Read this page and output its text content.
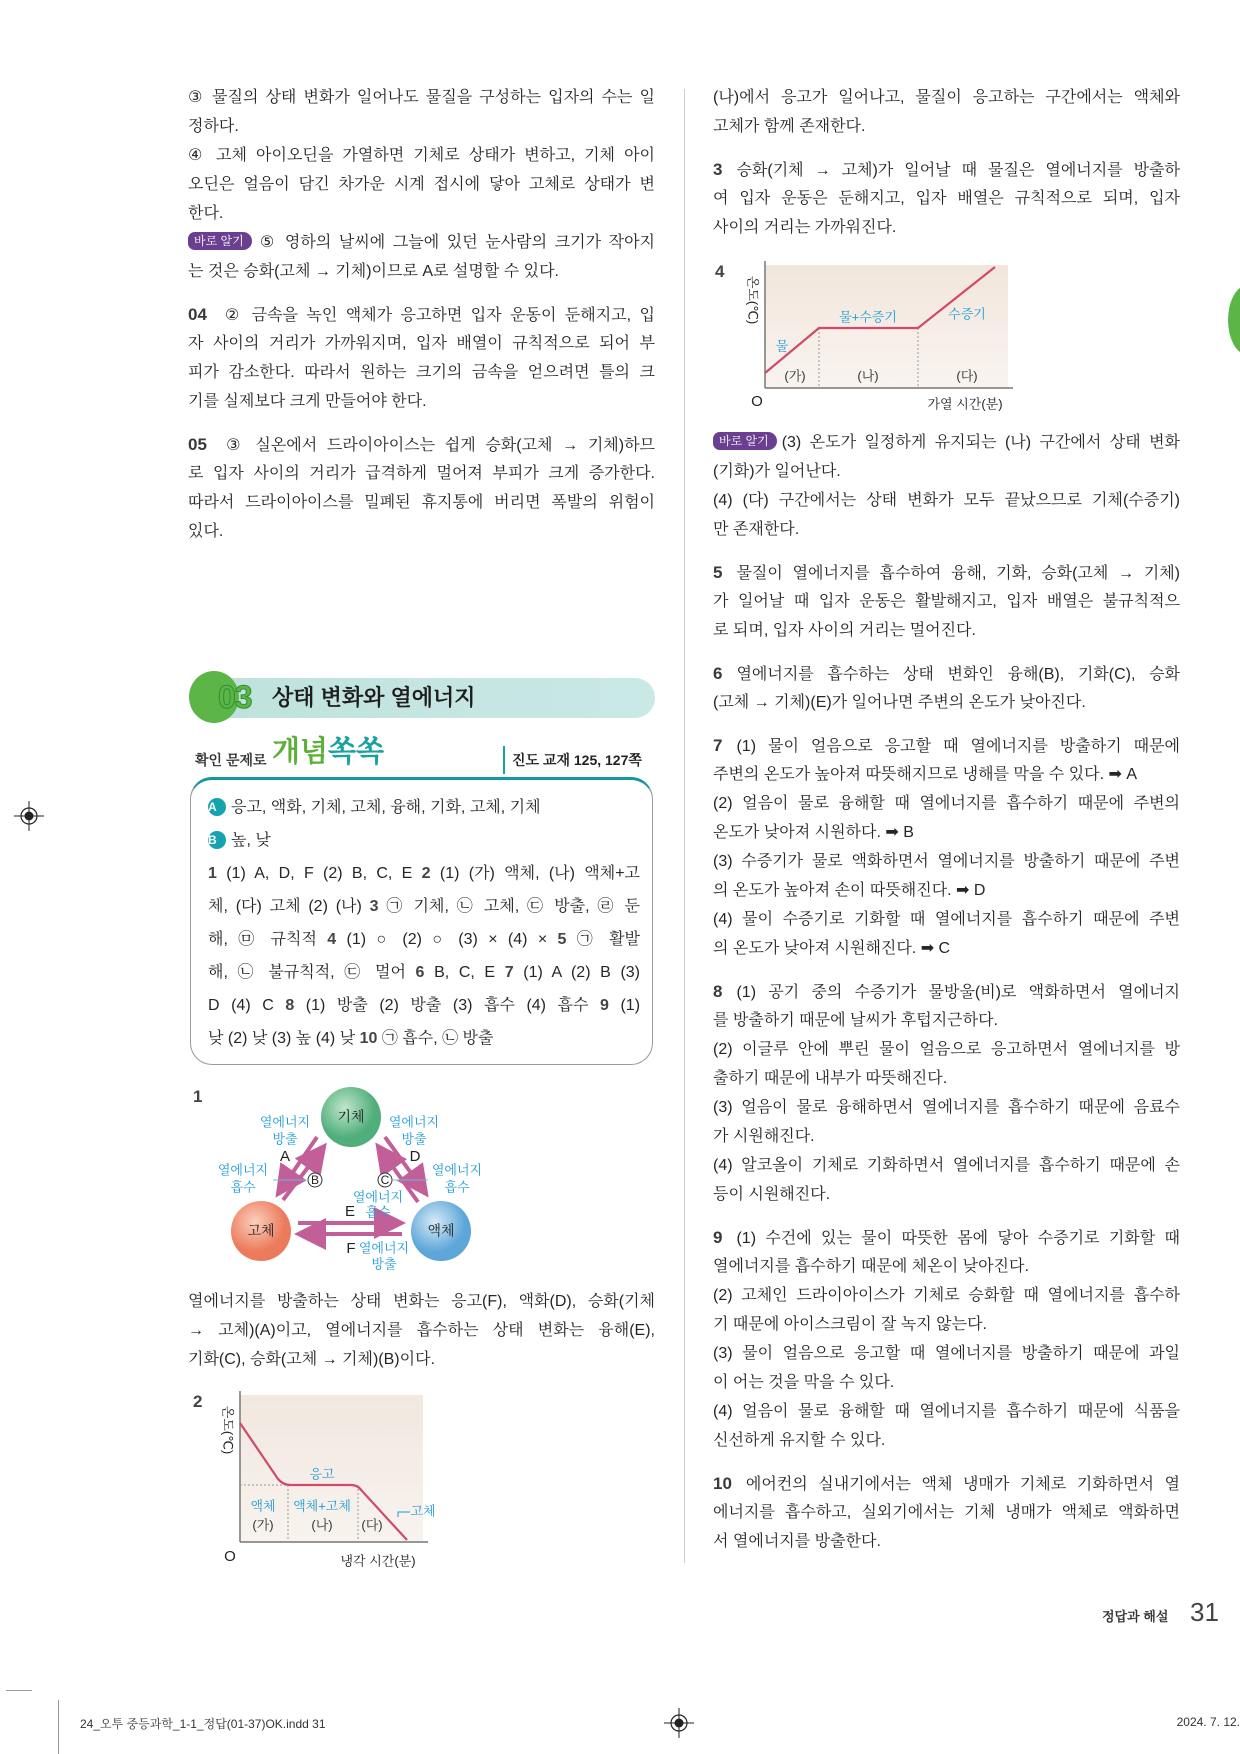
③ 물질의 상태 변화가 일어나도 물질을 구성하는 입자의 수는 일
정하다.
④ 고체 아이오딘을 가열하면 기체로 상태가 변하고, 기체 아이
오딘은 얼음이 담긴 차가운 시계 접시에 닿아 고체로 상태가 변
한다.
바로 알기 ⑤ 영하의 날씨에 그늘에 있던 눈사람의 크기가 작아지
는 것은 승화(고체 → 기체)이므로 A로 설명할 수 있다.
04 ② 금속을 녹인 액체가 응고하면 입자 운동이 둔해지고, 입
자 사이의 거리가 가까워지며, 입자 배열이 규칙적으로 되어 부
피가 감소한다. 따라서 원하는 크기의 금속을 얻으려면 틀의 크
기를 실제보다 크게 만들어야 한다.
05 ③ 실온에서 드라이아이스는 쉽게 승화(고체 → 기체)하므
로 입자 사이의 거리가 급격하게 멀어져 부피가 크게 증가한다.
따라서 드라이아이스를 밀폐된 휴지통에 버리면 폭발의 위험이
있다.
03 상태 변화와 열에너지
확인 문제로 개념쏙쏙	진도 교재 125, 127쪽
A 응고, 액화, 기체, 고체, 융해, 기화, 고체, 기체
B 높, 낮
1 (1) A, D, F (2) B, C, E 2 (1) (가) 액체, (나) 액체+고
체, (다) 고체 (2) (나) 3 ㉠ 기체, ㉡ 고체, ㉢ 방출, ㉣ 둔
해, ㉤ 규칙적 4 (1) ○ (2) ○ (3) × (4) × 5 ㉠ 활발
해, ㉡ 불규칙적, ㉢ 멀어 6 B, C, E 7 (1) A (2) B (3)
D (4) C 8 (1) 방출 (2) 방출 (3) 흡수 (4) 흡수 9 (1)
낮 (2) 낮 (3) 높 (4) 낮 10 ㉠ 흡수, ㉡ 방출
1
기체
고체	액체
A	D
E
F
B	C
열에너지
방출
열에너지
흡수
열에너지
방출
열에너지
흡수
열에너지
흡수
열에너지
방출
열에너지를 방출하는 상태 변화는 응고(F), 액화(D), 승화(기체
→ 고체)(A)이고, 열에너지를 흡수하는 상태 변화는 융해(E),
기화(C), 승화(고체 → 기체)(B)이다.
2
응고
액체 액체+고체	고체
(가)	(나) (다)
O	냉각 시간(분)
온도(℃)
(나)에서 응고가 일어나고, 물질이 응고하는 구간에서는 액체와
고체가 함께 존재한다.
3 승화(기체 → 고체)가 일어날 때 물질은 열에너지를 방출하
여 입자 운동은 둔해지고, 입자 배열은 규칙적으로 되며, 입자
사이의 거리는 가까워진다.
4
물
물+수증기	수증기
(가)	(나)	(다)
O	가열 시간(분)
온도(℃)
바로 알기 (3) 온도가 일정하게 유지되는 (나) 구간에서 상태 변화
(기화)가 일어난다.
(4) (다) 구간에서는 상태 변화가 모두 끝났으므로 기체(수증기)
만 존재한다.
5 물질이 열에너지를 흡수하여 융해, 기화, 승화(고체 → 기체)
가 일어날 때 입자 운동은 활발해지고, 입자 배열은 불규칙적으
로 되며, 입자 사이의 거리는 멀어진다.
6 열에너지를 흡수하는 상태 변화인 융해(B), 기화(C), 승화
(고체 → 기체)(E)가 일어나면 주변의 온도가 낮아진다.
7 (1) 물이 얼음으로 응고할 때 열에너지를 방출하기 때문에
주변의 온도가 높아져 따뜻해지므로 냉해를 막을 수 있다. ➡ A
(2) 얼음이 물로 융해할 때 열에너지를 흡수하기 때문에 주변의
온도가 낮아져 시원하다. ➡ B
(3) 수증기가 물로 액화하면서 열에너지를 방출하기 때문에 주변
의 온도가 높아져 손이 따뜻해진다. ➡ D
(4) 물이 수증기로 기화할 때 열에너지를 흡수하기 때문에 주변
의 온도가 낮아져 시원해진다. ➡ C
8 (1) 공기 중의 수증기가 물방울(비)로 액화하면서 열에너지
를 방출하기 때문에 날씨가 후텁지근하다.
(2) 이글루 안에 뿌린 물이 얼음으로 응고하면서 열에너지를 방
출하기 때문에 내부가 따뜻해진다.
(3) 얼음이 물로 융해하면서 열에너지를 흡수하기 때문에 음료수
가 시원해진다.
(4) 알코올이 기체로 기화하면서 열에너지를 흡수하기 때문에 손
등이 시원해진다.
9 (1) 수건에 있는 물이 따뜻한 몸에 닿아 수증기로 기화할 때
열에너지를 흡수하기 때문에 체온이 낮아진다.
(2) 고체인 드라이아이스가 기체로 승화할 때 열에너지를 흡수하
기 때문에 아이스크림이 잘 녹지 않는다.
(3) 물이 얼음으로 응고할 때 열에너지를 방출하기 때문에 과일
이 어는 것을 막을 수 있다.
(4) 얼음이 물로 융해할 때 열에너지를 흡수하기 때문에 식품을
신선하게 유지할 수 있다.
10 에어컨의 실내기에서는 액체 냉매가 기체로 기화하면서 열
에너지를 흡수하고, 실외기에서는 기체 냉매가 액체로 액화하면
서 열에너지를 방출한다.
정답과 해설 31
24_오투 중등과학_1-1_정답(01-37)OK.indd 31	2024. 7. 12.
